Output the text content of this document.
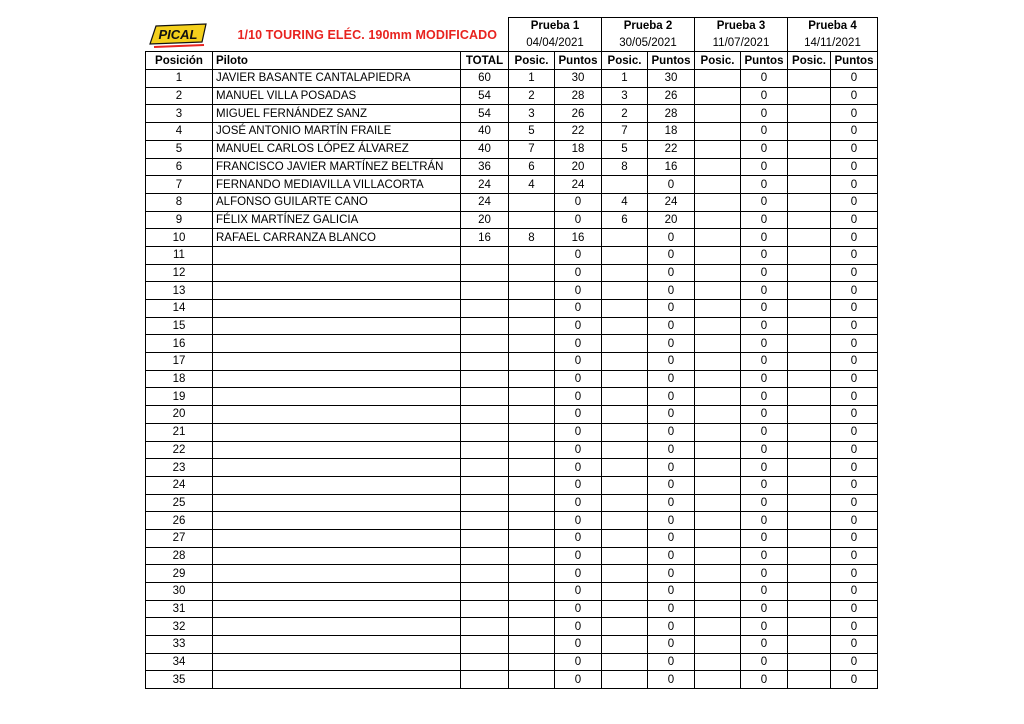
PICAL 1/10 TOURING ELÉC. 190mm MODIFICADO			Prueba 1		Prueba 2		Prueba 3		Prueba 4	
			04/04/2021		30/05/2021		11/07/2021		14/11/2021	
Posición	Piloto	TOTAL	Posic.	Puntos	Posic.	Puntos	Posic.	Puntos	Posic.	Puntos
1	JAVIER BASANTE CANTALAPIEDRA	60	1	30	1	30		0		0
2	MANUEL VILLA POSADAS	54	2	28	3	26		0		0
3	MIGUEL FERNÁNDEZ SANZ	54	3	26	2	28		0		0
4	JOSÉ ANTONIO MARTÍN FRAILE	40	5	22	7	18		0		0
5	MANUEL CARLOS LÓPEZ ÁLVAREZ	40	7	18	5	22		0		0
6	FRANCISCO JAVIER MARTÍNEZ BELTRÁN	36	6	20	8	16		0		0
7	FERNANDO MEDIAVILLA VILLACORTA	24	4	24		0		0		0
8	ALFONSO GUILARTE CANO	24		0	4	24		0		0
9	FÉLIX MARTÍNEZ GALICIA	20		0	6	20		0		0
10	RAFAEL CARRANZA BLANCO	16	8	16		0		0		0
11				0		0		0		0
12				0		0		0		0
13				0		0		0		0
14				0		0		0		0
15				0		0		0		0
16				0		0		0		0
17				0		0		0		0
18				0		0		0		0
19				0		0		0		0
20				0		0		0		0
21				0		0		0		0
22				0		0		0		0
23				0		0		0		0
24				0		0		0		0
25				0		0		0		0
26				0		0		0		0
27				0		0		0		0
28				0		0		0		0
29				0		0		0		0
30				0		0		0		0
31				0		0		0		0
32				0		0		0		0
33				0		0		0		0
34				0		0		0		0
35				0		0		0		0
